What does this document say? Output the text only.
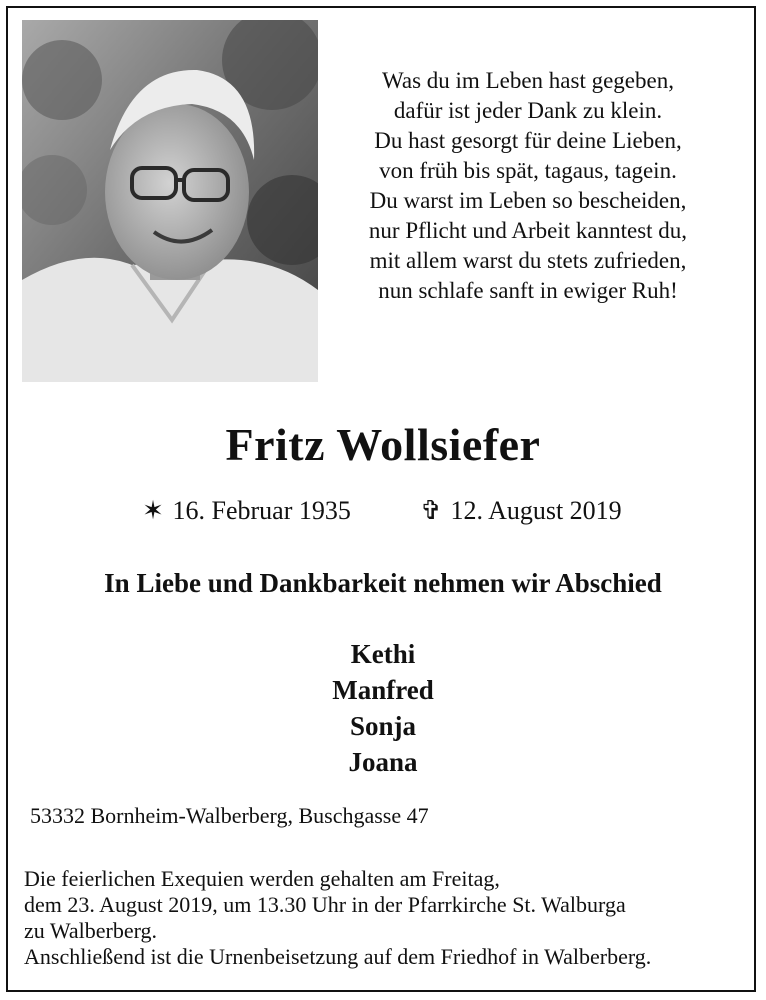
Was du im Leben hast gegeben,
dafür ist jeder Dank zu klein.
Du hast gesorgt für deine Lieben,
von früh bis spät, tagaus, tagein.
Du warst im Leben so bescheiden,
nur Pflicht und Arbeit kanntest du,
mit allem warst du stets zufrieden,
nun schlafe sanft in ewiger Ruh!
Fritz Wollsiefer
✶ 16. Februar 1935	✞ 12. August 2019
In Liebe und Dankbarkeit nehmen wir Abschied
Kethi
Manfred
Sonja
Joana
53332 Bornheim-Walberberg, Buschgasse 47
Die feierlichen Exequien werden gehalten am Freitag,
dem 23. August 2019, um 13.30 Uhr in der Pfarrkirche St. Walburga
zu Walberberg.
Anschließend ist die Urnenbeisetzung auf dem Friedhof in Walberberg.
